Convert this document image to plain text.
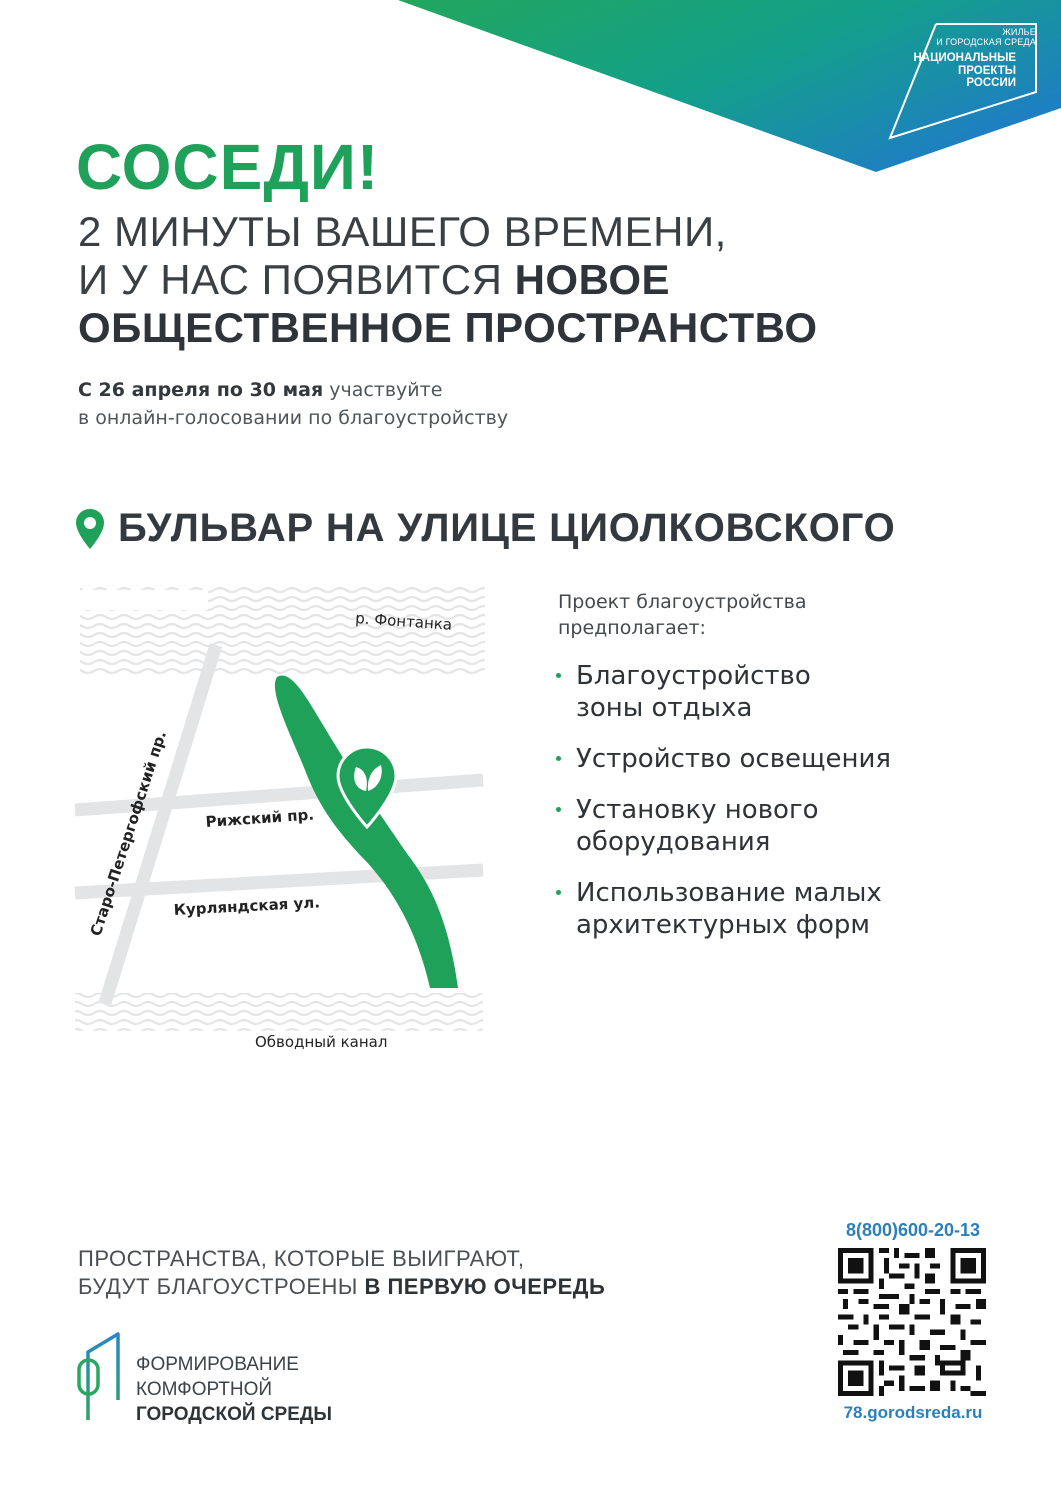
ЖИЛЬЕ
И ГОРОДСКАЯ СРЕДА
НАЦИОНАЛЬНЫЕ
ПРОЕКТЫ
РОССИИ
СОСЕДИ!
2 МИНУТЫ ВАШЕГО ВРЕМЕНИ,
И У НАС ПОЯВИТСЯ НОВОЕ
ОБЩЕСТВЕННОЕ ПРОСТРАНСТВО
С 26 апреля по 30 мая участвуйте
в онлайн-голосовании по благоустройству
БУЛЬВАР НА УЛИЦЕ ЦИОЛКОВСКОГО
р. Фонтанка
Рижский пр.
Курляндская ул.
Старо-Петергофский пр.
Обводный канал
Проект благоустройства
предполагает:
Благоустройство
зоны отдыха
Устройство освещения
Установку нового
оборудования
Использование малых
архитектурных форм
ПРОСТРАНСТВА, КОТОРЫЕ ВЫИГРАЮТ,
БУДУТ БЛАГОУСТРОЕНЫ В ПЕРВУЮ ОЧЕРЕДЬ
ФОРМИРОВАНИЕ
КОМФОРТНОЙ
ГОРОДСКОЙ СРЕДЫ
8(800)600-20-13
78.gorodsreda.ru
